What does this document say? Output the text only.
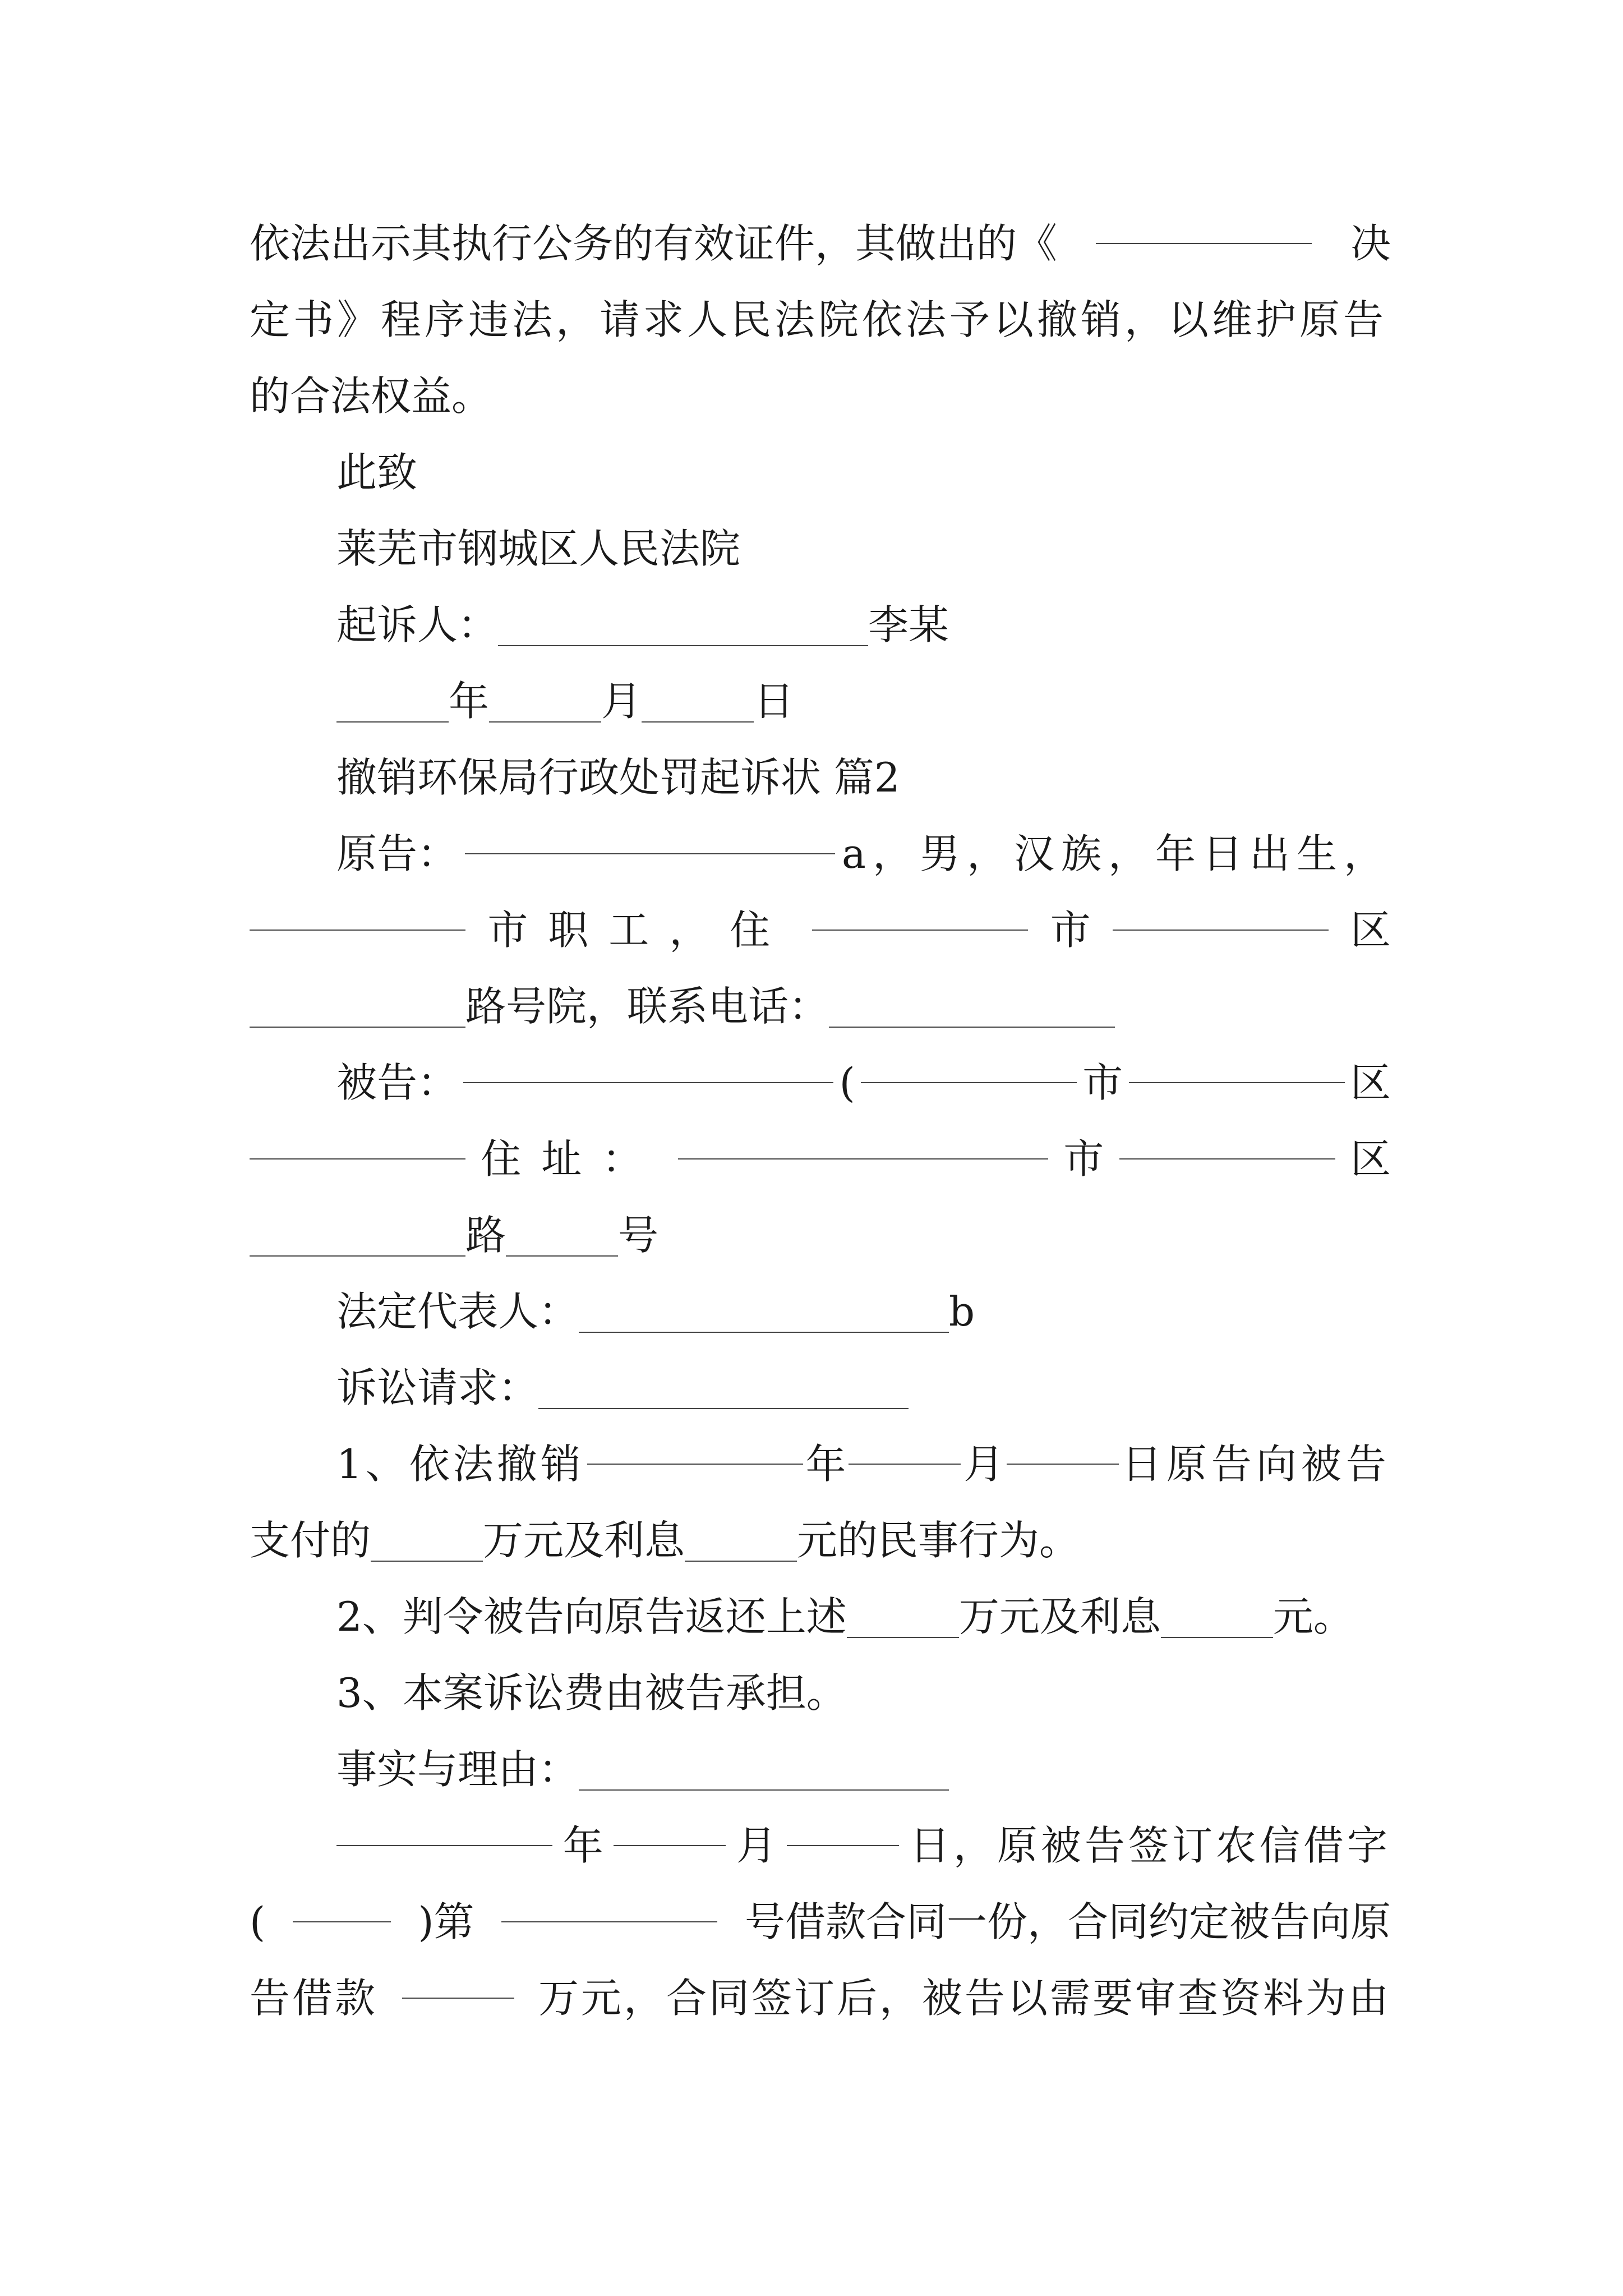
依法出示其执行公务的有效证件，其做出的《	决
定书》程序违法，请求人民法院依法予以撤销，以维护原告
的合法权益。
此致
莱芜市钢城区人民法院
起诉人：	李某
年	月	日
撤销环保局行政处罚起诉状 篇2
原告：	a，男，汉族，年日出生，
市职工，住	市	区
路号院，联系电话：
被告：	(	市	区
住址：	市	区
路	号
法定代表人：	b
诉讼请求：
1、依法撤销	年	月	日原告向被告
支付的	万元及利息	元的民事行为。
2、判令被告向原告返还上述	万元及利息	元。
3、本案诉讼费由被告承担。
事实与理由：
年	月	日，原被告签订农信借字
(	)第	号借款合同一份，合同约定被告向原
告借款	万元，合同签订后，被告以需要审查资料为由
